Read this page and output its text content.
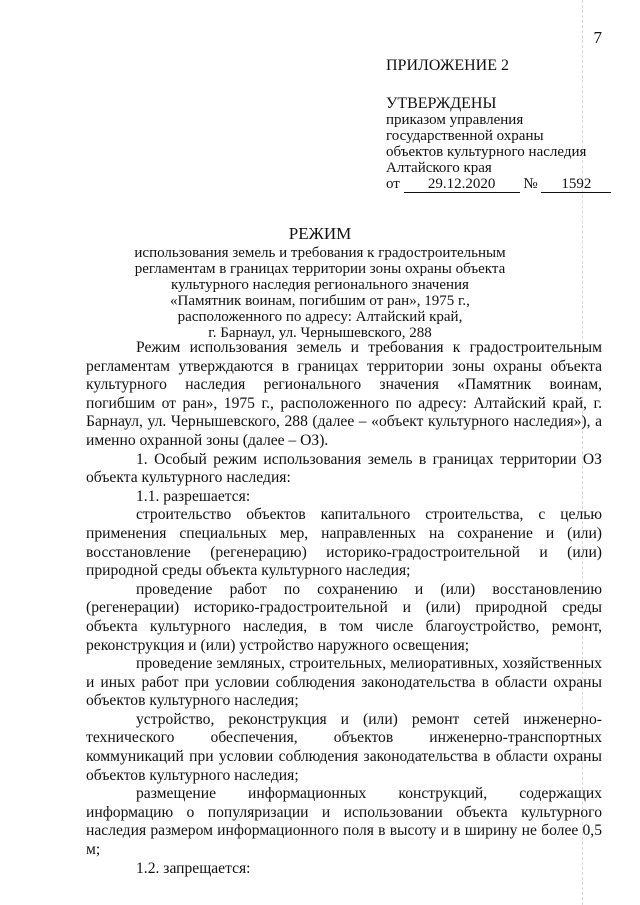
7
ПРИЛОЖЕНИЕ 2
УТВЕРЖДЕНЫ
приказом управления
государственной охраны
объектов культурного наследия
Алтайского края
от 29.12.2020 № 1592
РЕЖИМ
использования земель и требования к градостроительным
регламентам в границах территории зоны охраны объекта
культурного наследия регионального значения
«Памятник воинам, погибшим от ран», 1975 г.,
расположенного по адресу: Алтайский край,
г. Барнаул, ул. Чернышевского, 288

Режим использования земель и требования к градостроительным регламентам утверждаются в границах территории зоны охраны объекта культурного наследия регионального значения «Памятник воинам, погибшим от ран», 1975 г., расположенного по адресу: Алтайский край, г. Барнаул, ул. Чернышевского, 288 (далее – «объект культурного наследия»), а именно охранной зоны (далее – ОЗ).

1. Особый режим использования земель в границах территории ОЗ объекта культурного наследия:

1.1. разрешается:

строительство объектов капитального строительства, с целью применения специальных мер, направленных на сохранение и (или) восстановление (регенерацию) историко-градостроительной и (или) природной среды объекта культурного наследия;

проведение работ по сохранению и (или) восстановлению (регенерации) историко-градостроительной и (или) природной среды объекта культурного наследия, в том числе благоустройство, ремонт, реконструкция и (или) устройство наружного освещения;

проведение земляных, строительных, мелиоративных, хозяйственных и иных работ при условии соблюдения законодательства в области охраны объектов культурного наследия;

устройство, реконструкция и (или) ремонт сетей инженерно-технического обеспечения, объектов инженерно-транспортных коммуникаций при условии соблюдения законодательства в области охраны объектов культурного наследия;

размещение информационных конструкций, содержащих информацию о популяризации и использовании объекта культурного наследия размером информационного поля в высоту и в ширину не более 0,5 м;

1.2. запрещается:
